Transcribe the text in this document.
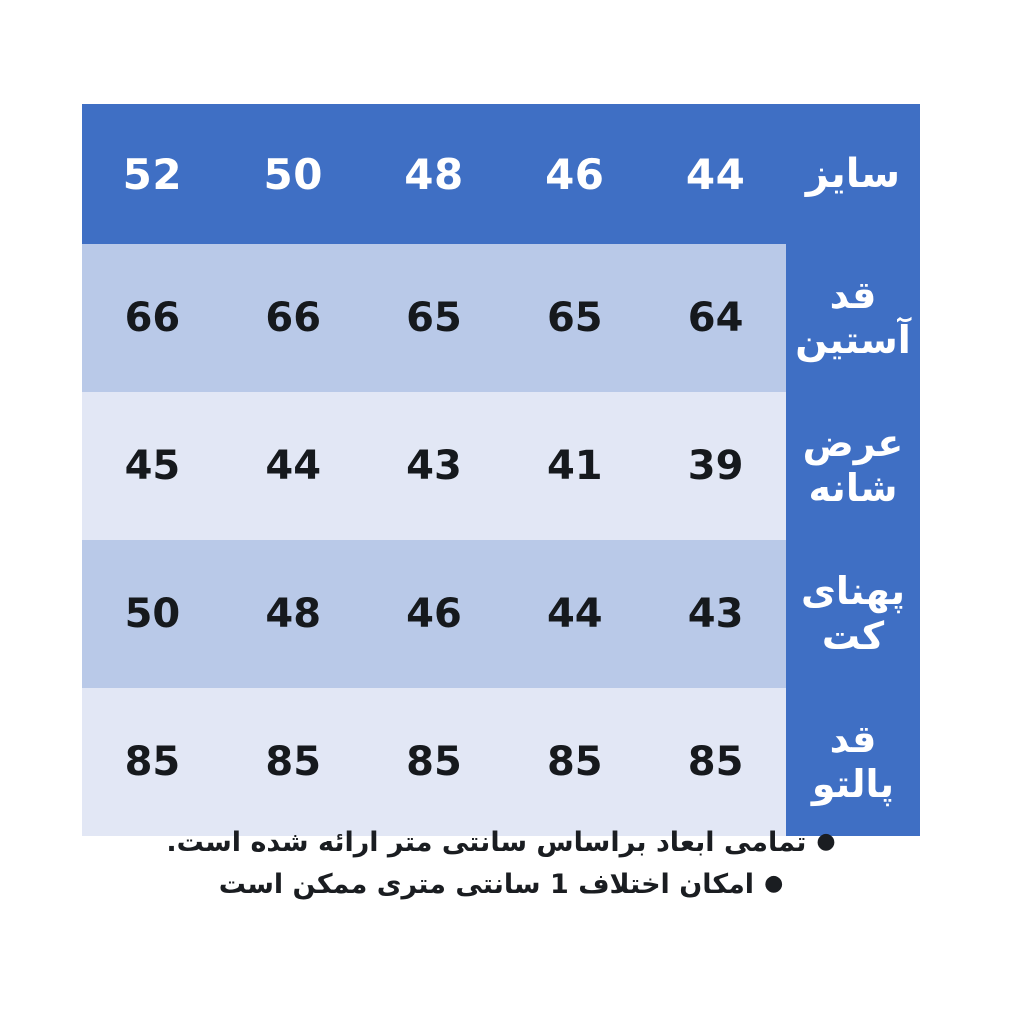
سایز	44	46	48	50	52
قد آستین	64	65	65	66	66
عرض شانه	39	41	43	44	45
پهنای کت	43	44	46	48	50
قد پالتو	85	85	85	85	85
●تمامی ابعاد براساس سانتی متر ارائه شده است.
●امکان اختلاف 1 سانتی متری ممکن است
